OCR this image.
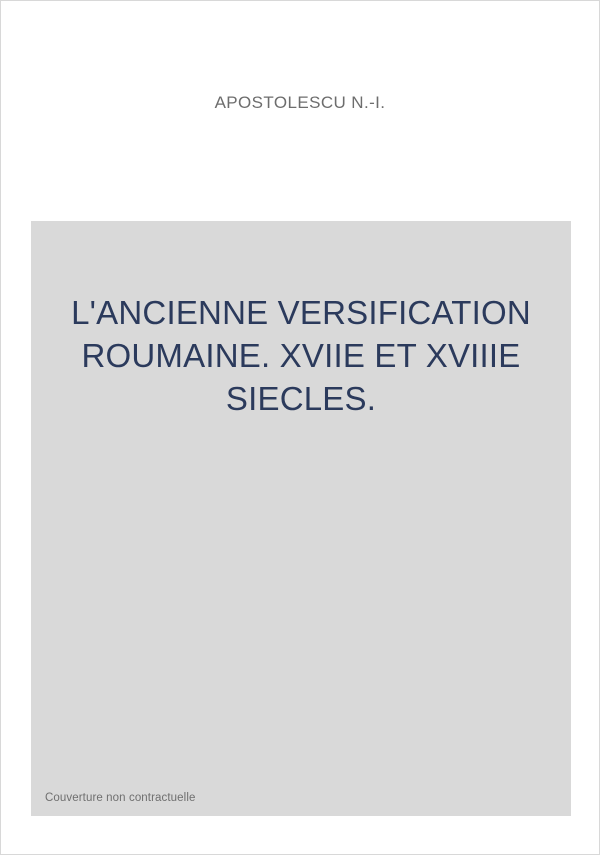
APOSTOLESCU N.-I.
L'ANCIENNE VERSIFICATION ROUMAINE. XVIIE ET XVIIIE SIECLES.
Couverture non contractuelle
